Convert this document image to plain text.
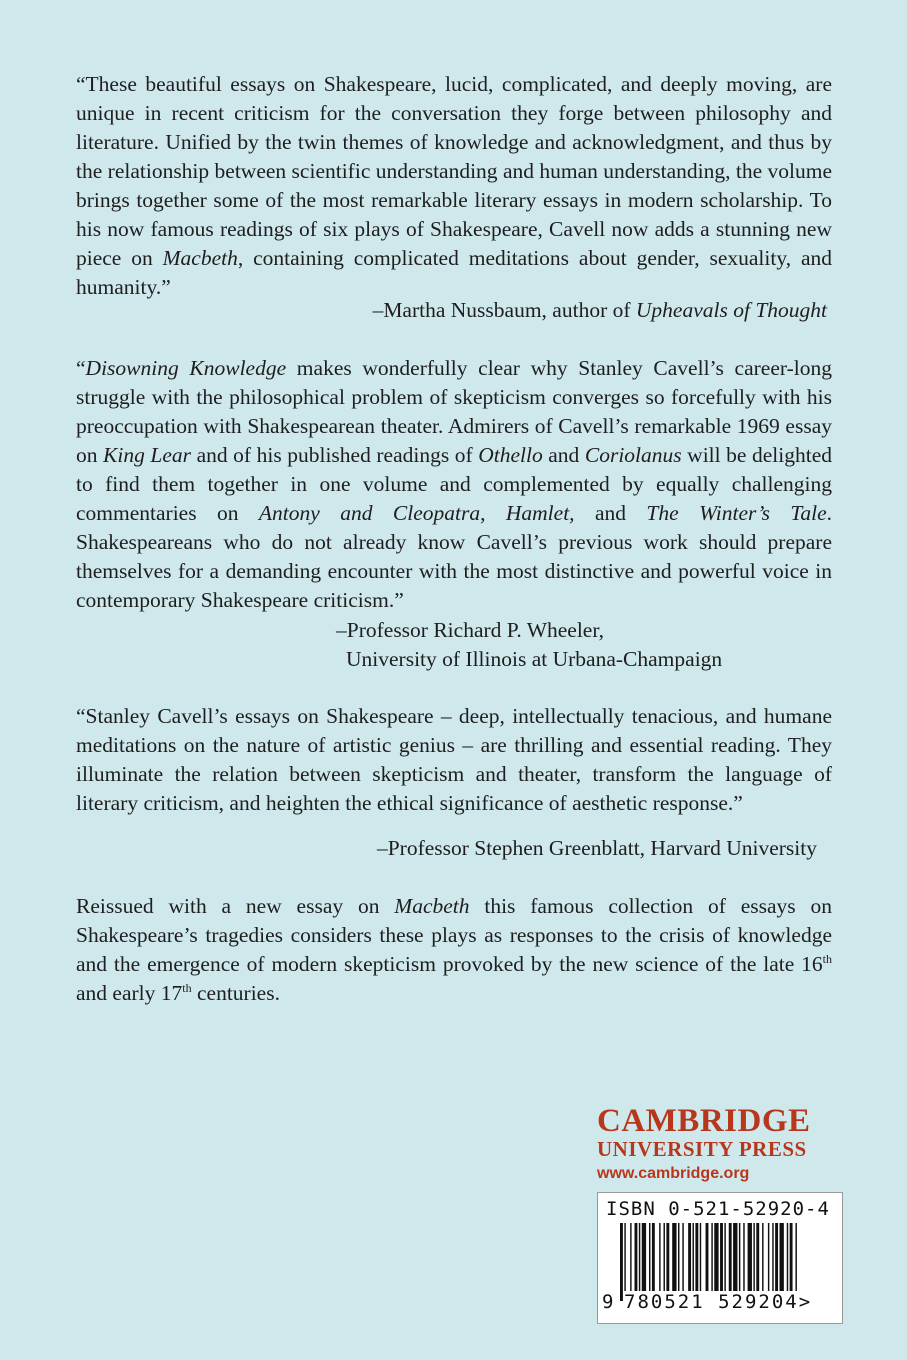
“These beautiful essays on Shakespeare, lucid, complicated, and deeply moving, are unique in recent criticism for the conversation they forge between philosophy and literature. Unified by the twin themes of knowledge and acknowledgment, and thus by the relationship between scientific understanding and human understanding, the volume brings together some of the most remarkable literary essays in modern scholarship. To his now famous readings of six plays of Shakespeare, Cavell now adds a stunning new piece on Macbeth, containing complicated meditations about gender, sexuality, and humanity.”
–Martha Nussbaum, author of Upheavals of Thought
“Disowning Knowledge makes wonderfully clear why Stanley Cavell’s career-long struggle with the philosophical problem of skepticism converges so forcefully with his preoccupation with Shakespearean theater. Admirers of Cavell’s remarkable 1969 essay on King Lear and of his published readings of Othello and Coriolanus will be delighted to find them together in one volume and complemented by equally challenging commentaries on Antony and Cleopatra, Hamlet, and The Winter’s Tale. Shakespeareans who do not already know Cavell’s previous work should prepare themselves for a demanding encounter with the most distinctive and powerful voice in contemporary Shakespeare criticism.”
–Professor Richard P. Wheeler,
University of Illinois at Urbana-Champaign
“Stanley Cavell’s essays on Shakespeare – deep, intellectually tenacious, and humane meditations on the nature of artistic genius – are thrilling and essential reading. They illuminate the relation between skepticism and theater, transform the language of literary criticism, and heighten the ethical significance of aesthetic response.”
–Professor Stephen Greenblatt, Harvard University
Reissued with a new essay on Macbeth this famous collection of essays on Shakespeare’s tragedies considers these plays as responses to the crisis of knowledge and the emergence of modern skepticism provoked by the new science of the late 16th and early 17th centuries.
CAMBRIDGE
UNIVERSITY PRESS
www.cambridge.org
ISBN 0-521-52920-4
9 780521 529204>
